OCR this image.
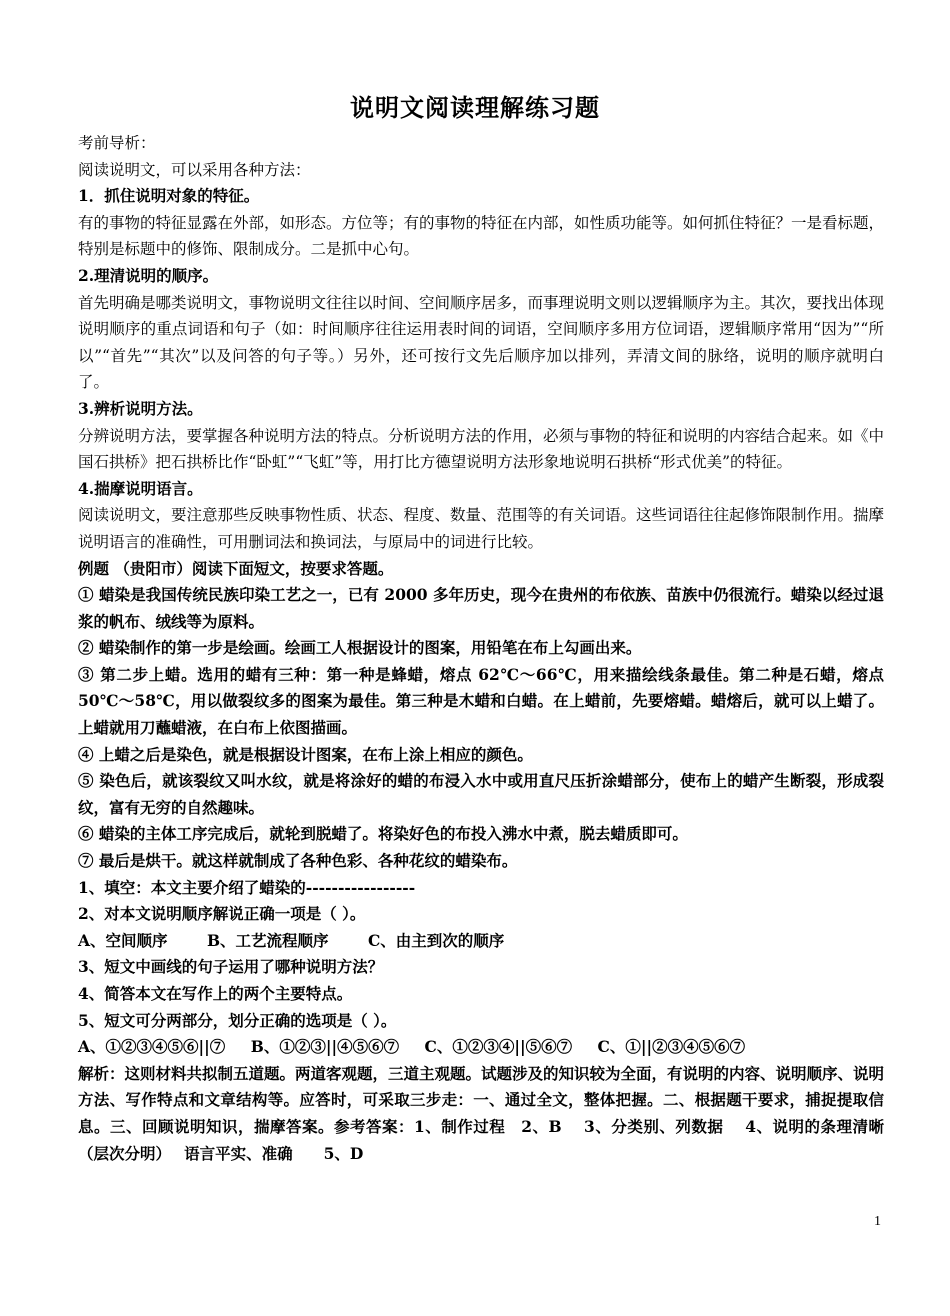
说明文阅读理解练习题

考前导析：

阅读说明文，可以采用各种方法：

1．抓住说明对象的特征。

有的事物的特征显露在外部，如形态。方位等；有的事物的特征在内部，如性质功能等。如何抓住特征？一是看标题，特别是标题中的修饰、限制成分。二是抓中心句。

2.理清说明的顺序。

首先明确是哪类说明文，事物说明文往往以时间、空间顺序居多，而事理说明文则以逻辑顺序为主。其次，要找出体现说明顺序的重点词语和句子（如：时间顺序往往运用表时间的词语，空间顺序多用方位词语，逻辑顺序常用“因为”“所以”“首先”“其次”以及问答的句子等。）另外，还可按行文先后顺序加以排列，弄清文间的脉络，说明的顺序就明白了。

3.辨析说明方法。

分辨说明方法，要掌握各种说明方法的特点。分析说明方法的作用，必须与事物的特征和说明的内容结合起来。如《中国石拱桥》把石拱桥比作“卧虹”“飞虹”等，用打比方德望说明方法形象地说明石拱桥“形式优美”的特征。

4.揣摩说明语言。

阅读说明文，要注意那些反映事物性质、状态、程度、数量、范围等的有关词语。这些词语往往起修饰限制作用。揣摩说明语言的准确性，可用删词法和换词法，与原局中的词进行比较。

例题 （贵阳市）阅读下面短文，按要求答题。

① 蜡染是我国传统民族印染工艺之一，已有 2000 多年历史，现今在贵州的布依族、苗族中仍很流行。蜡染以经过退浆的帆布、绒线等为原料。

② 蜡染制作的第一步是绘画。绘画工人根据设计的图案，用铅笔在布上勾画出来。

③ 第二步上蜡。选用的蜡有三种：第一种是蜂蜡，熔点 62℃～66℃，用来描绘线条最佳。第二种是石蜡，熔点 50℃～58℃，用以做裂纹多的图案为最佳。第三种是木蜡和白蜡。在上蜡前，先要熔蜡。蜡熔后，就可以上蜡了。上蜡就用刀蘸蜡液，在白布上依图描画。

④ 上蜡之后是染色，就是根据设计图案，在布上涂上相应的颜色。

⑤ 染色后，就该裂纹又叫水纹，就是将涂好的蜡的布浸入水中或用直尺压折涂蜡部分，使布上的蜡产生断裂，形成裂纹，富有无穷的自然趣味。

⑥ 蜡染的主体工序完成后，就轮到脱蜡了。将染好色的布投入沸水中煮，脱去蜡质即可。

⑦ 最后是烘干。就这样就制成了各种色彩、各种花纹的蜡染布。

1、填空：本文主要介绍了蜡染的-----------------

2、对本文说明顺序解说正确一项是（ ）。

A、空间顺序	B、工艺流程顺序	C、由主到次的顺序

3、短文中画线的句子运用了哪种说明方法？

4、简答本文在写作上的两个主要特点。

5、短文可分两部分，划分正确的选项是（ ）。

A、①②③④⑤⑥||⑦ B、①②③||④⑤⑥⑦ C、①②③④||⑤⑥⑦ C、①||②③④⑤⑥⑦

解析：这则材料共拟制五道题。两道客观题，三道主观题。试题涉及的知识较为全面，有说明的内容、说明顺序、说明方法、写作特点和文章结构等。应答时，可采取三步走：一、通过全文，整体把握。二、根据题干要求，捕捉提取信息。三、回顾说明知识，揣摩答案。参考答案：1、制作过程　2、B　 3、分类别、列数据　 4、说明的条理清晰（层次分明）　 语言平实、准确　　5、D

1
